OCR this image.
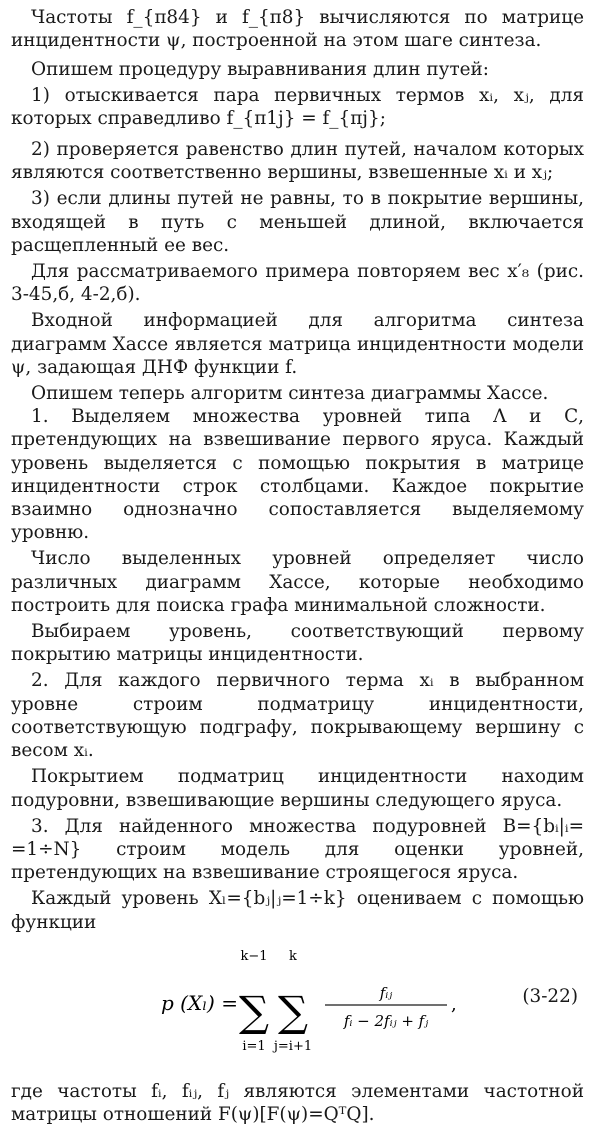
Частоты f_{π84} и f_{π8} вычисляются по матрице инцидентности ψ, построенной на этом шаге синтеза.

Опишем процедуру выравнивания длин путей:

1) отыскивается пара первичных термов xᵢ, xⱼ, для которых справедливо f_{π1j} = f_{πj};

2) проверяется равенство длин путей, началом которых являются соответственно вершины, взвешенные xᵢ и xⱼ;

3) если длины путей не равны, то в покрытие вершины, входящей в путь с меньшей длиной, включается расщепленный ее вес.

Для рассматриваемого примера повторяем вес x′₈ (рис. 3-45,б, 4-2,б).

Входной информацией для алгоритма синтеза диаграмм Хассе является матрица инцидентности модели ψ, задающая ДНФ функции f.

Опишем теперь алгоритм синтеза диаграммы Хассе.

1. Выделяем множества уровней типа Λ и С, претендующих на взвешивание первого яруса. Каждый уровень выделяется с помощью покрытия в матрице инцидентности строк столбцами. Каждое покрытие взаимно однозначно сопоставляется выделяемому уровню.

Число выделенных уровней определяет число различных диаграмм Хассе, которые необходимо построить для поиска графа минимальной сложности.

Выбираем уровень, соответствующий первому покрытию матрицы инцидентности.

2. Для каждого первичного терма xᵢ в выбранном уровне строим подматрицу инцидентности, соответствующую подграфу, покрывающему вершину с весом xᵢ.

Покрытием подматриц инцидентности находим подуровни, взвешивающие вершины следующего яруса.

3. Для найденного множества подуровней B={bᵢ|ᵢ= =1÷N} строим модель для оценки уровней, претендующих на взвешивание строящегося яруса.

Каждый уровень Xₗ={bⱼ|ⱼ=1÷k} оцениваем с помощью функции

p (Xₗ) =
k−1
∑
i=1
k
∑
j=i+1
fᵢⱼ
fᵢ − 2fᵢⱼ + fⱼ
,	(3-22)

где частоты fᵢ, fᵢⱼ, fⱼ являются элементами частотной матрицы отношений F(ψ)[F(ψ)=QᵀQ].
